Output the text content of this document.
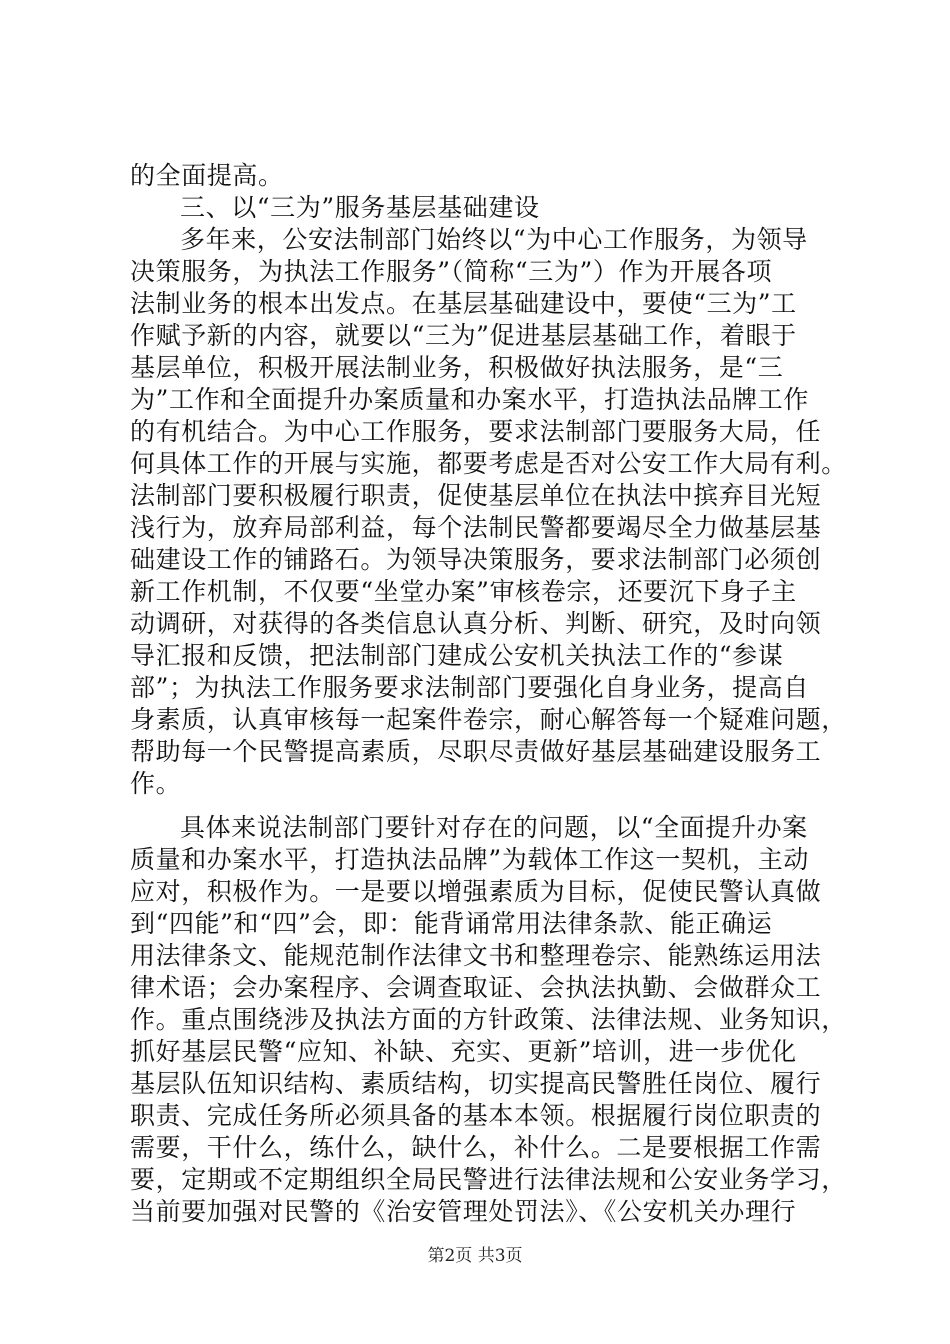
的全面提高。
三、以“三为”服务基层基础建设
多年来，公安法制部门始终以“为中心工作服务，为领导
决策服务，为执法工作服务”（简称“三为”）作为开展各项
法制业务的根本出发点。在基层基础建设中，要使“三为”工
作赋予新的内容，就要以“三为”促进基层基础工作，着眼于
基层单位，积极开展法制业务，积极做好执法服务，是“三
为”工作和全面提升办案质量和办案水平，打造执法品牌工作
的有机结合。为中心工作服务，要求法制部门要服务大局，任
何具体工作的开展与实施，都要考虑是否对公安工作大局有利。
法制部门要积极履行职责，促使基层单位在执法中摈弃目光短
浅行为，放弃局部利益，每个法制民警都要竭尽全力做基层基
础建设工作的铺路石。为领导决策服务，要求法制部门必须创
新工作机制，不仅要“坐堂办案”审核卷宗，还要沉下身子主
动调研，对获得的各类信息认真分析、判断、研究，及时向领
导汇报和反馈，把法制部门建成公安机关执法工作的“参谋
部”；为执法工作服务要求法制部门要强化自身业务，提高自
身素质，认真审核每一起案件卷宗，耐心解答每一个疑难问题，
帮助每一个民警提高素质，尽职尽责做好基层基础建设服务工
作。
具体来说法制部门要针对存在的问题，以“全面提升办案
质量和办案水平，打造执法品牌”为载体工作这一契机，主动
应对，积极作为。一是要以增强素质为目标，促使民警认真做
到“四能”和“四”会，即：能背诵常用法律条款、能正确运
用法律条文、能规范制作法律文书和整理卷宗、能熟练运用法
律术语；会办案程序、会调查取证、会执法执勤、会做群众工
作。重点围绕涉及执法方面的方针政策、法律法规、业务知识，
抓好基层民警“应知、补缺、充实、更新”培训，进一步优化
基层队伍知识结构、素质结构，切实提高民警胜任岗位、履行
职责、完成任务所必须具备的基本本领。根据履行岗位职责的
需要，干什么，练什么，缺什么，补什么。二是要根据工作需
要，定期或不定期组织全局民警进行法律法规和公安业务学习，
当前要加强对民警的《治安管理处罚法》、《公安机关办理行
第2页 共3页
